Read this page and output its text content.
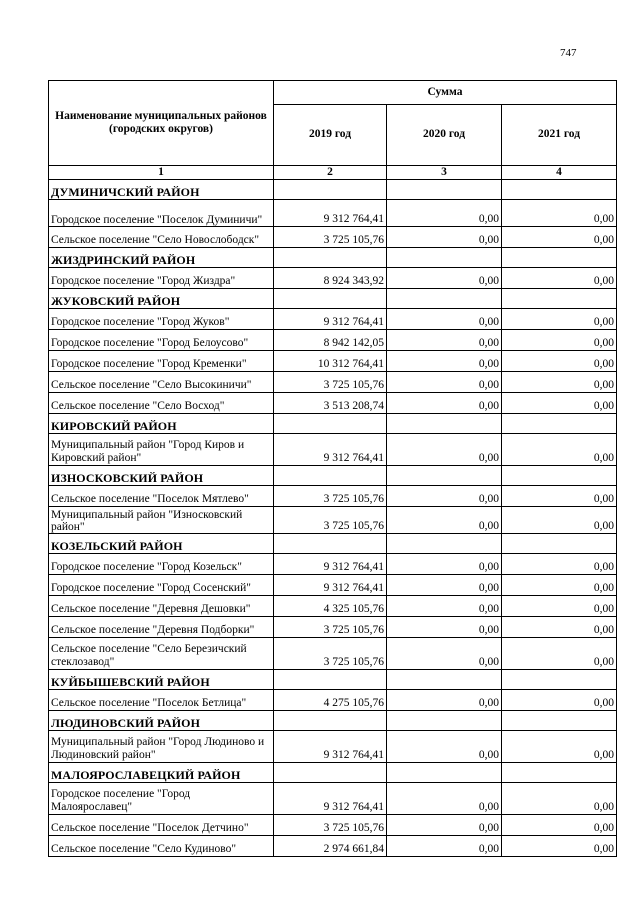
747
Наименование муниципальных районов (городских округов)	Сумма		
	2019 год	2020 год	2021 год
1	2	3	4
ДУМИНИЧСКИЙ РАЙОН			
Городское поселение "Поселок Думиничи"	9 312 764,41	0,00	0,00
Сельское поселение "Село Новослободск"	3 725 105,76	0,00	0,00
ЖИЗДРИНСКИЙ РАЙОН			
Городское поселение "Город Жиздра"	8 924 343,92	0,00	0,00
ЖУКОВСКИЙ РАЙОН			
Городское поселение "Город Жуков"	9 312 764,41	0,00	0,00
Городское поселение "Город Белоусово"	8 942 142,05	0,00	0,00
Городское поселение "Город Кременки"	10 312 764,41	0,00	0,00
Сельское поселение "Село Высокиничи"	3 725 105,76	0,00	0,00
Сельское поселение "Село Восход"	3 513 208,74	0,00	0,00
КИРОВСКИЙ РАЙОН			
Муниципальный район "Город Киров и Кировский район"	9 312 764,41	0,00	0,00
ИЗНОСКОВСКИЙ РАЙОН			
Сельское поселение "Поселок Мятлево"	3 725 105,76	0,00	0,00
Муниципальный район "Износковский район"	3 725 105,76	0,00	0,00
КОЗЕЛЬСКИЙ РАЙОН			
Городское поселение "Город Козельск"	9 312 764,41	0,00	0,00
Городское поселение "Город Сосенский"	9 312 764,41	0,00	0,00
Сельское поселение "Деревня Дешовки"	4 325 105,76	0,00	0,00
Сельское поселение "Деревня Подборки"	3 725 105,76	0,00	0,00
Сельское поселение "Село Березичский стеклозавод"	3 725 105,76	0,00	0,00
КУЙБЫШЕВСКИЙ РАЙОН			
Сельское поселение "Поселок Бетлица"	4 275 105,76	0,00	0,00
ЛЮДИНОВСКИЙ РАЙОН			
Муниципальный район "Город Людиново и Людиновский район"	9 312 764,41	0,00	0,00
МАЛОЯРОСЛАВЕЦКИЙ РАЙОН			
Городское поселение "Город Малоярославец"	9 312 764,41	0,00	0,00
Сельское поселение "Поселок Детчино"	3 725 105,76	0,00	0,00
Сельское поселение "Село Кудиново"	2 974 661,84	0,00	0,00
